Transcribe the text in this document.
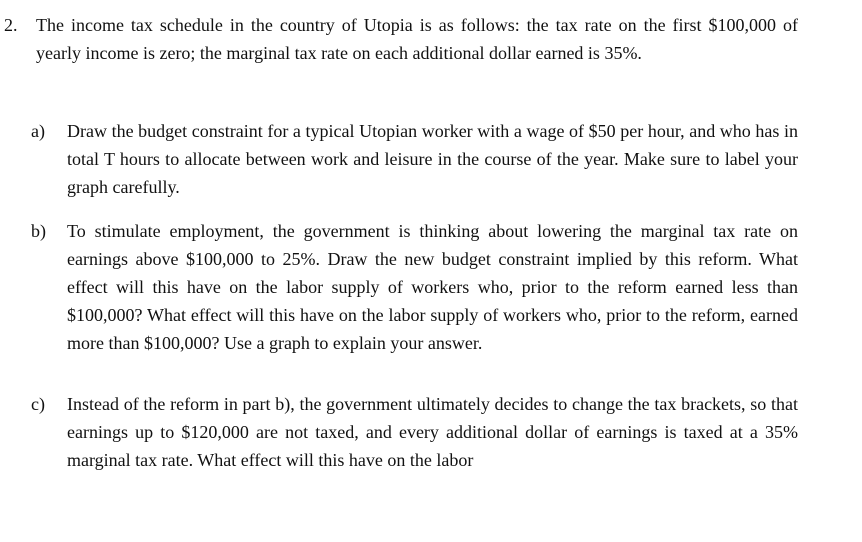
2. The income tax schedule in the country of Utopia is as follows: the tax rate on the first $100,000 of yearly income is zero; the marginal tax rate on each additional dollar earned is 35%.
a) Draw the budget constraint for a typical Utopian worker with a wage of $50 per hour, and who has in total T hours to allocate between work and leisure in the course of the year. Make sure to label your graph carefully.
b) To stimulate employment, the government is thinking about lowering the marginal tax rate on earnings above $100,000 to 25%. Draw the new budget constraint implied by this reform. What effect will this have on the labor supply of workers who, prior to the reform earned less than $100,000? What effect will this have on the labor supply of workers who, prior to the reform, earned more than $100,000? Use a graph to explain your answer.
c) Instead of the reform in part b), the government ultimately decides to change the tax brackets, so that earnings up to $120,000 are not taxed, and every additional dollar of earnings is taxed at a 35% marginal tax rate. What effect will this have on the labor
